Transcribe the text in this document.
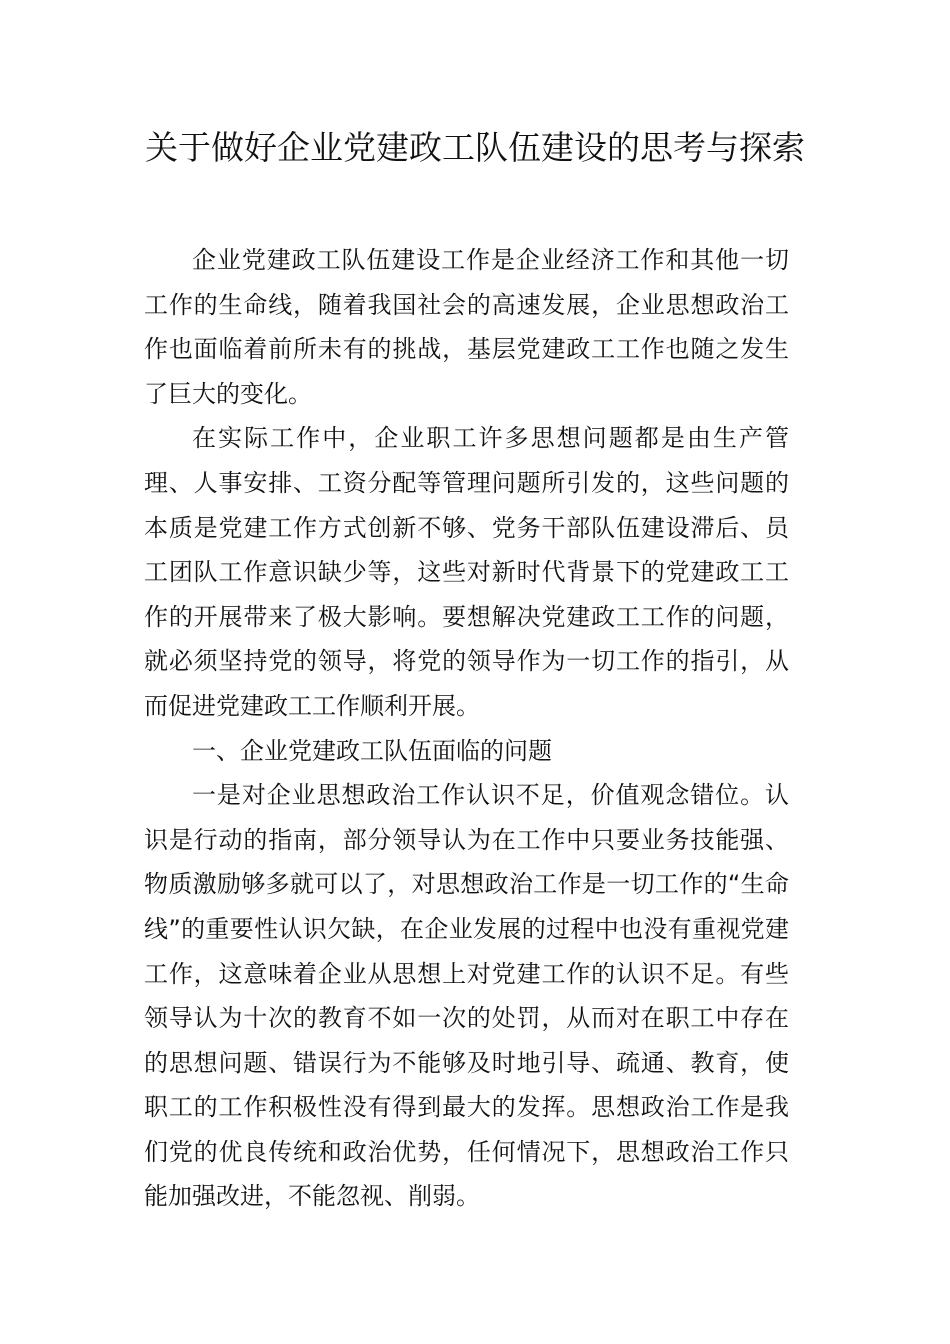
关于做好企业党建政工队伍建设的思考与探索

企业党建政工队伍建设工作是企业经济工作和其他一切工作的生命线，随着我国社会的高速发展，企业思想政治工作也面临着前所未有的挑战，基层党建政工工作也随之发生了巨大的变化。

在实际工作中，企业职工许多思想问题都是由生产管理、人事安排、工资分配等管理问题所引发的，这些问题的本质是党建工作方式创新不够、党务干部队伍建设滞后、员工团队工作意识缺少等，这些对新时代背景下的党建政工工作的开展带来了极大影响。要想解决党建政工工作的问题，就必须坚持党的领导，将党的领导作为一切工作的指引，从而促进党建政工工作顺利开展。

一、企业党建政工队伍面临的问题

一是对企业思想政治工作认识不足，价值观念错位。认识是行动的指南，部分领导认为在工作中只要业务技能强、物质激励够多就可以了，对思想政治工作是一切工作的“生命线”的重要性认识欠缺，在企业发展的过程中也没有重视党建工作，这意味着企业从思想上对党建工作的认识不足。有些领导认为十次的教育不如一次的处罚，从而对在职工中存在的思想问题、错误行为不能够及时地引导、疏通、教育，使职工的工作积极性没有得到最大的发挥。思想政治工作是我们党的优良传统和政治优势，任何情况下，思想政治工作只能加强改进，不能忽视、削弱。
